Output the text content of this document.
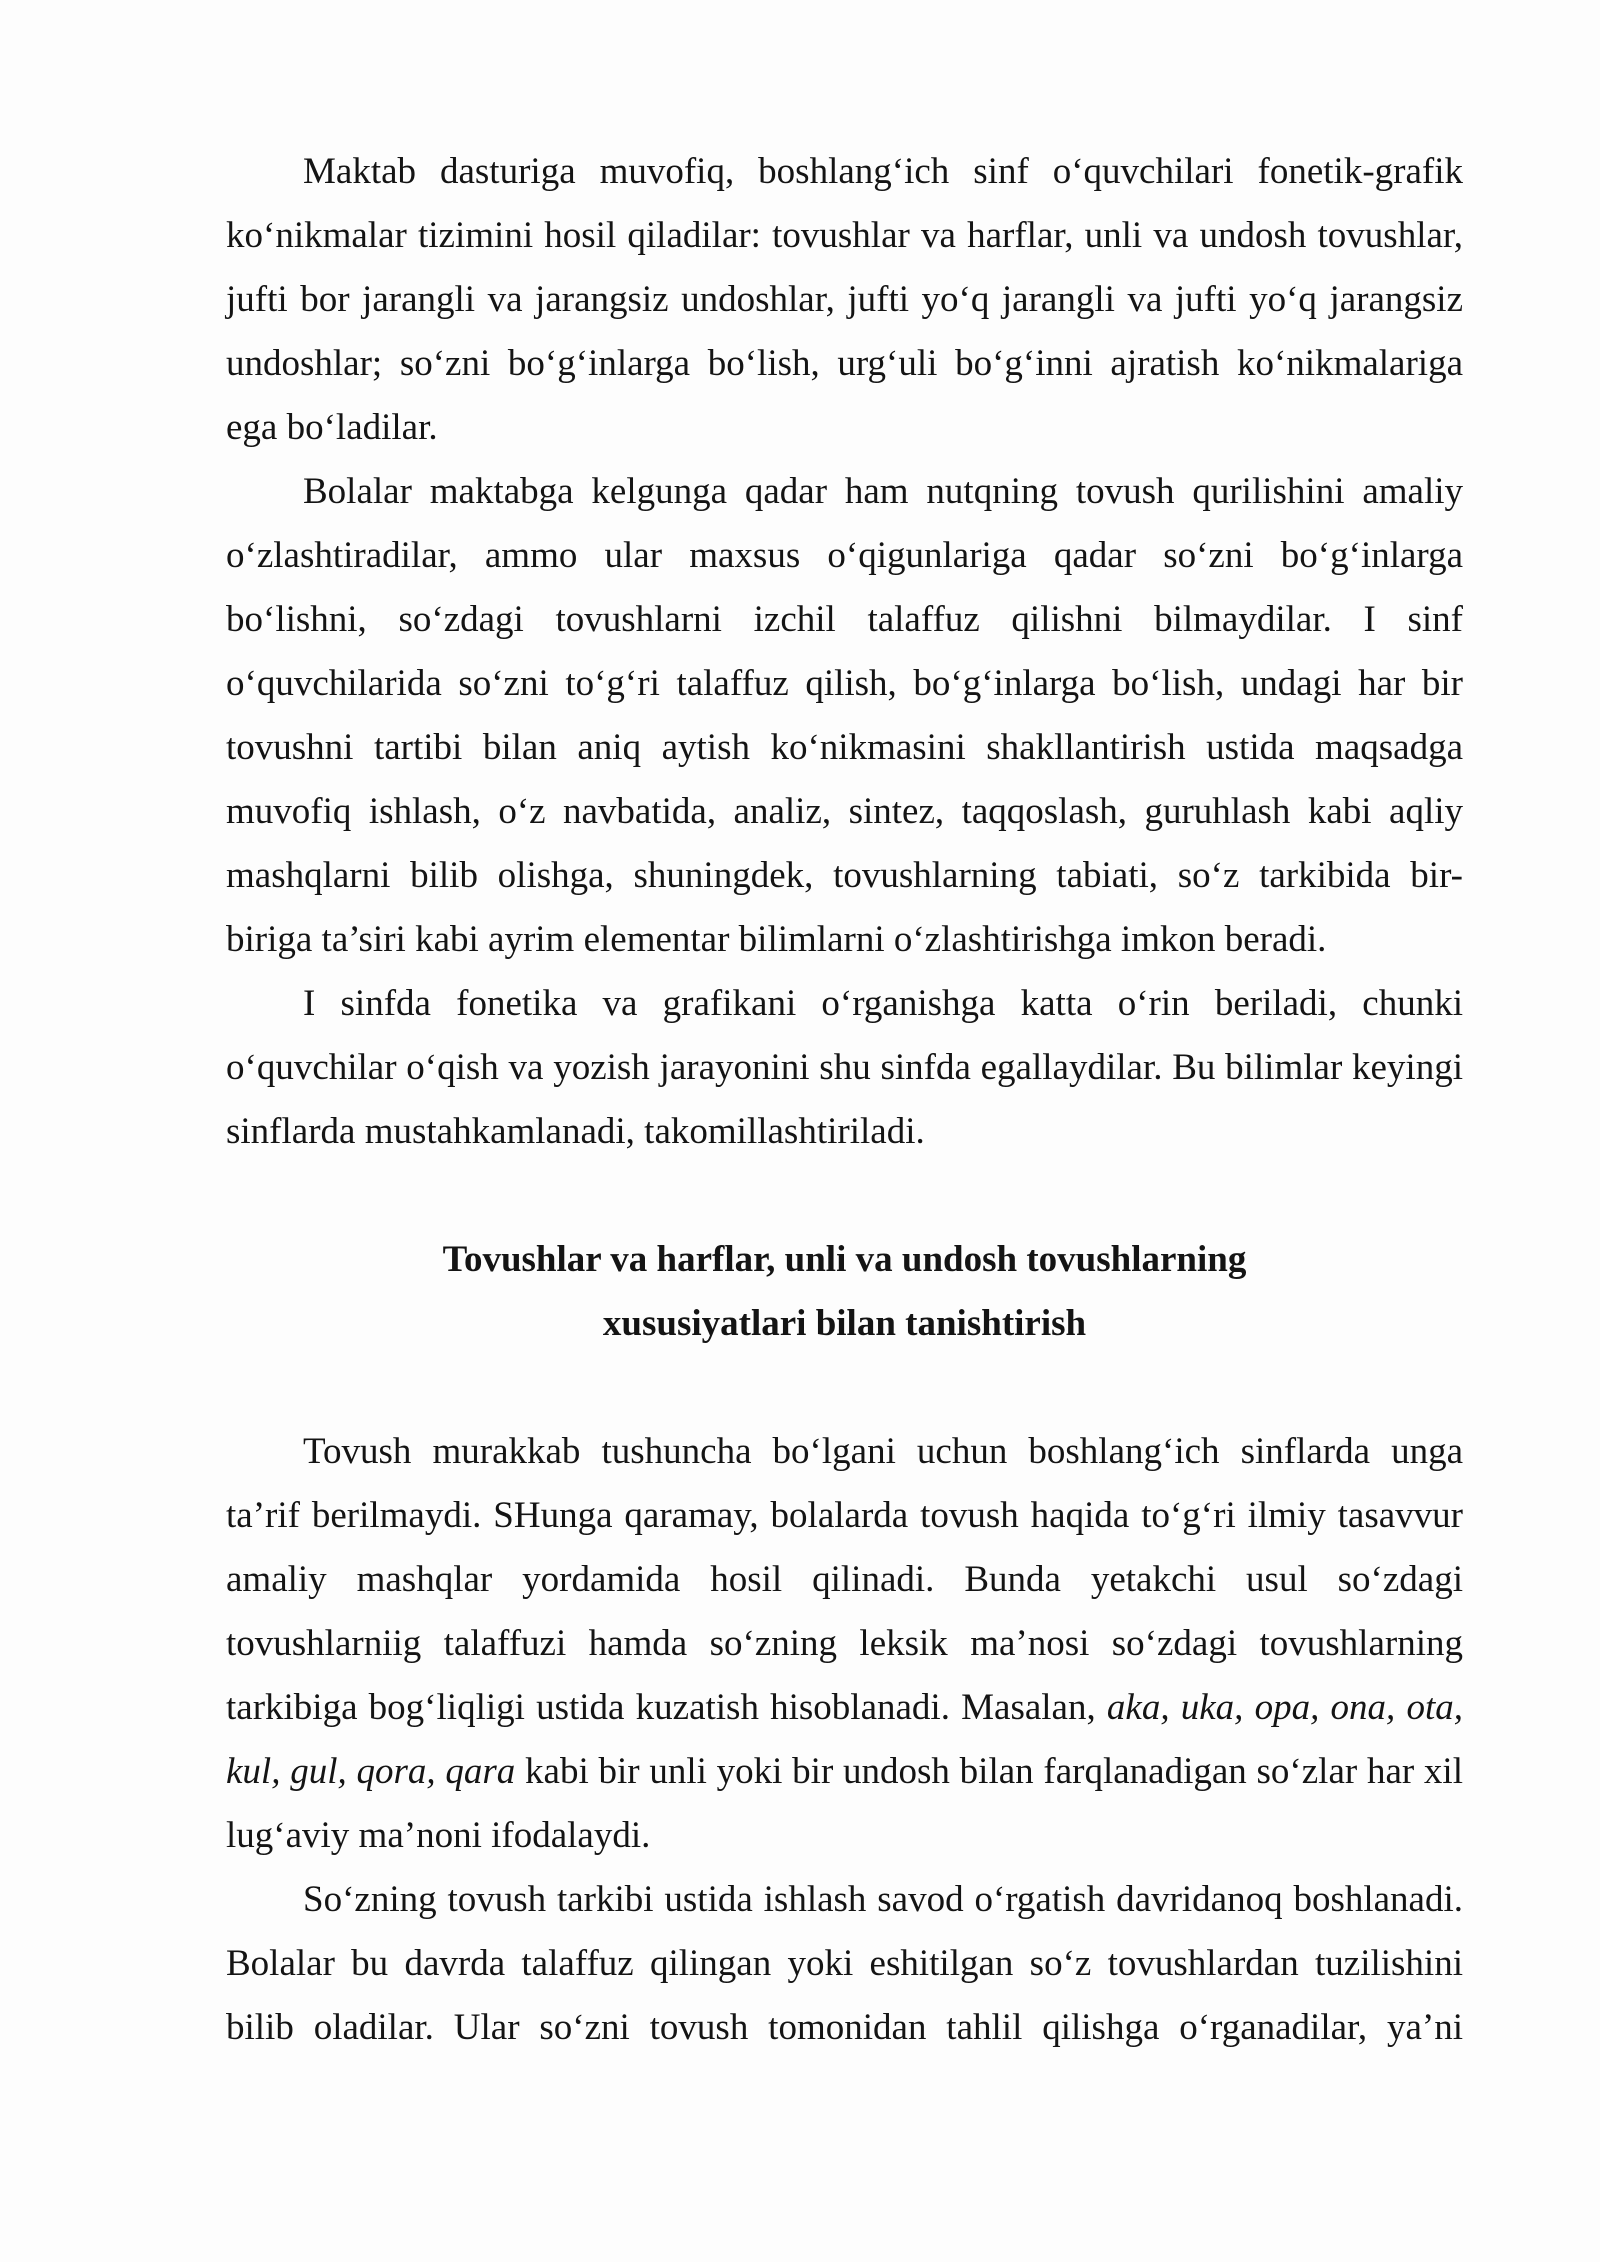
Maktab dasturiga muvofiq, boshlang‘ich sinf o‘quvchilari fonetik-grafik ko‘nikmalar tizimini hosil qiladilar: tovushlar va harflar, unli va undosh tovushlar, jufti bor jarangli va jarangsiz undoshlar, jufti yo‘q jarangli va jufti yo‘q jarangsiz undoshlar; so‘zni bo‘g‘inlarga bo‘lish, urg‘uli bo‘g‘inni ajratish ko‘nikmalariga ega bo‘ladilar.

Bolalar maktabga kelgunga qadar ham nutqning tovush qurilishini amaliy o‘zlashtiradilar, ammo ular maxsus o‘qigunlariga qadar so‘zni bo‘g‘inlarga bo‘lishni, so‘zdagi tovushlarni izchil talaffuz qilishni bilmaydilar. I sinf o‘quvchilarida so‘zni to‘g‘ri talaffuz qilish, bo‘g‘inlarga bo‘lish, undagi har bir tovushni tartibi bilan aniq aytish ko‘nikmasini shakllantirish ustida maqsadga muvofiq ishlash, o‘z navbatida, analiz, sintez, taqqoslash, guruhlash kabi aqliy mashqlarni bilib olishga, shuningdek, tovushlarning tabiati, so‘z tarkibida bir-biriga ta’siri kabi ayrim elementar bilimlarni o‘zlashtirishga imkon beradi.

I sinfda fonetika va grafikani o‘rganishga katta o‘rin beriladi, chunki o‘quvchilar o‘qish va yozish jarayonini shu sinfda egallaydilar. Bu bilimlar keyingi sinflarda mustahkamlanadi, takomillashtiriladi.

Tovushlar va harflar, unli va undosh tovushlarning
xususiyatlari bilan tanishtirish

Tovush murakkab tushuncha bo‘lgani uchun boshlang‘ich sinflarda unga ta’rif berilmaydi. SHunga qaramay, bolalarda tovush haqida to‘g‘ri ilmiy tasavvur amaliy mashqlar yordamida hosil qilinadi. Bunda yetakchi usul so‘zdagi tovushlarniig talaffuzi hamda so‘zning leksik ma’nosi so‘zdagi tovushlarning tarkibiga bog‘liqligi ustida kuzatish hisoblanadi. Masalan, aka, uka, opa, ona, ota, kul, gul, qora, qara kabi bir unli yoki bir undosh bilan farqlanadigan so‘zlar har xil lug‘aviy ma’noni ifodalaydi.

So‘zning tovush tarkibi ustida ishlash savod o‘rgatish davridanoq boshlanadi. Bolalar bu davrda talaffuz qilingan yoki eshitilgan so‘z tovushlardan tuzilishini bilib oladilar. Ular so‘zni tovush tomonidan tahlil qilishga o‘rganadilar, ya’ni
